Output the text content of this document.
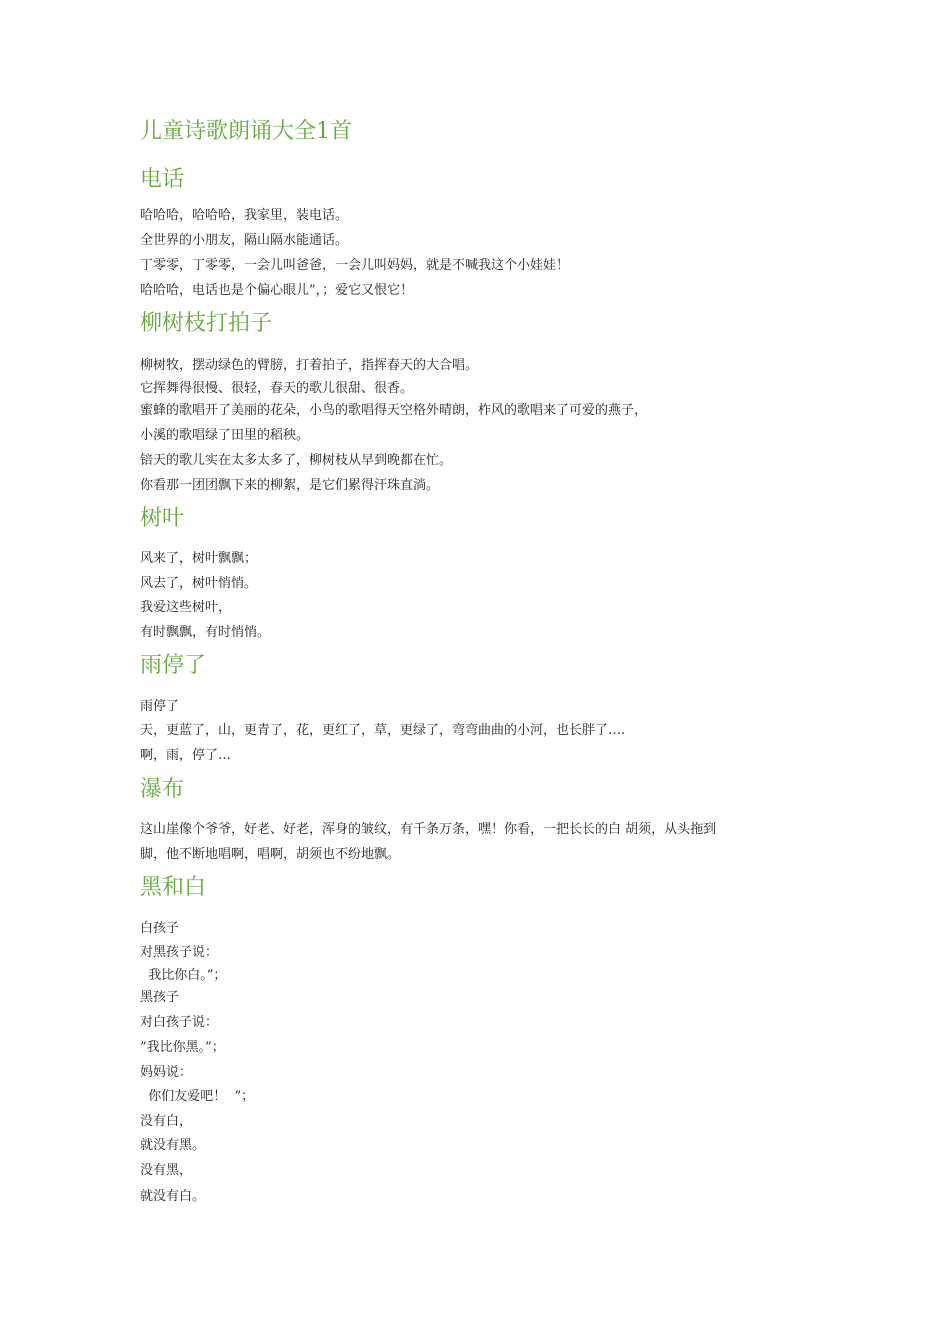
儿童诗歌朗诵大全1首
电话
哈哈哈，哈哈哈，我家里，装电话。
全世界的小朋友，隔山隔水能通话。
丁零零，丁零零，一会儿叫爸爸，一会儿叫妈妈，就是不喊我这个小娃娃！
哈哈哈，电话也是个偏心眼儿”，；爱它又恨它！
柳树枝打拍子
柳树牧，摆动绿色的臂膀，打着拍子，指挥春天的大合唱。
它挥舞得很慢、很轻，春天的歌儿很甜、很香。
蜜蜂的歌唱开了美丽的花朵，小鸟的歌唱得天空格外晴朗，柞风的歌唱来了可爱的燕子，
小溪的歌唱绿了田里的稻秧。
锫天的歌儿实在太多太多了，柳树枝从早到晚都在忙。
你看那一团团飘下来的柳絮，是它们累得汗珠直淌。
树叶
风来了，树叶飘飘；
风去了，树叶悄悄。
我爱这些树叶，
有时飘飘，有时悄悄。
雨停了
雨停了
天，更蓝了，山，更青了，花，更红了，草，更绿了，弯弯曲曲的小河，也长胖了….
啊，雨，停了…
瀑布
这山崖像个爷爷，好老、好老，浑身的皱纹，有千条万条，嘿！你看，一把长长的白 胡须，从头拖到
脚，他不断地唱啊，唱啊，胡须也不纷地飘。
黑和白
白孩子
对黑孩子说：
我比你白。”；
黑孩子
对白孩子说：
”我比你黑。”；
妈妈说：
你们友爱吧！  ”；
没有白，
就没有黑。
没有黑，
就没有白。
